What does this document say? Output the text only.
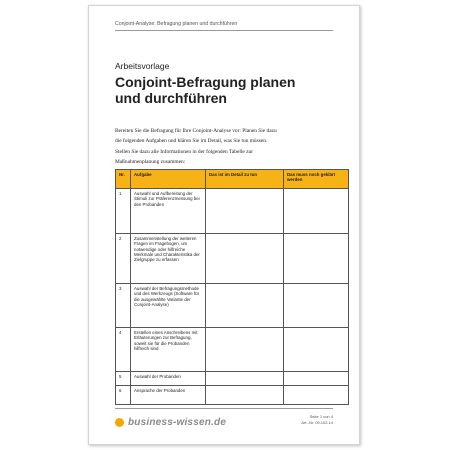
Conjoint-Analyse: Befragung planen und durchführen
Arbeitsvorlage
Conjoint-Befragung planen
und durchführen
Bereiten Sie die Befragung für Ihre Conjoint-Analyse vor: Planen Sie dazu
die folgenden Aufgaben und klären Sie im Detail, was Sie tun müssen.
Stellen Sie dazu alle Informationen in der folgenden Tabelle zur
Maßnahmenplanung zusammen:
Nr.	Aufgabe	Das ist im Detail zu tun	Das muss noch geklärt werden
1	Auswahl und Aufbereitung der Stimuli zur Präferenzmessung bei den Probanden		
2	Zusammenstellung der weiteren Fragen im Fragebogen, um notwendige oder hilfreiche Merkmale und Charakteristika der Zielgruppe zu erfassen		
3	Auswahl der Befragungsmethode und des Werkzeugs (Software für die ausgewählte Variante der Conjoint-Analyse)		
4	Erstellen eines Anschreibens mit Erläuterungen zur Befragung, soweit sie für die Probanden hilfreich sind		
5	Auswahl der Probanden		
6	Ansprache der Probanden		
business-wissen.de	Seite 1 von 4
Art.-Nr. 09.102.14
